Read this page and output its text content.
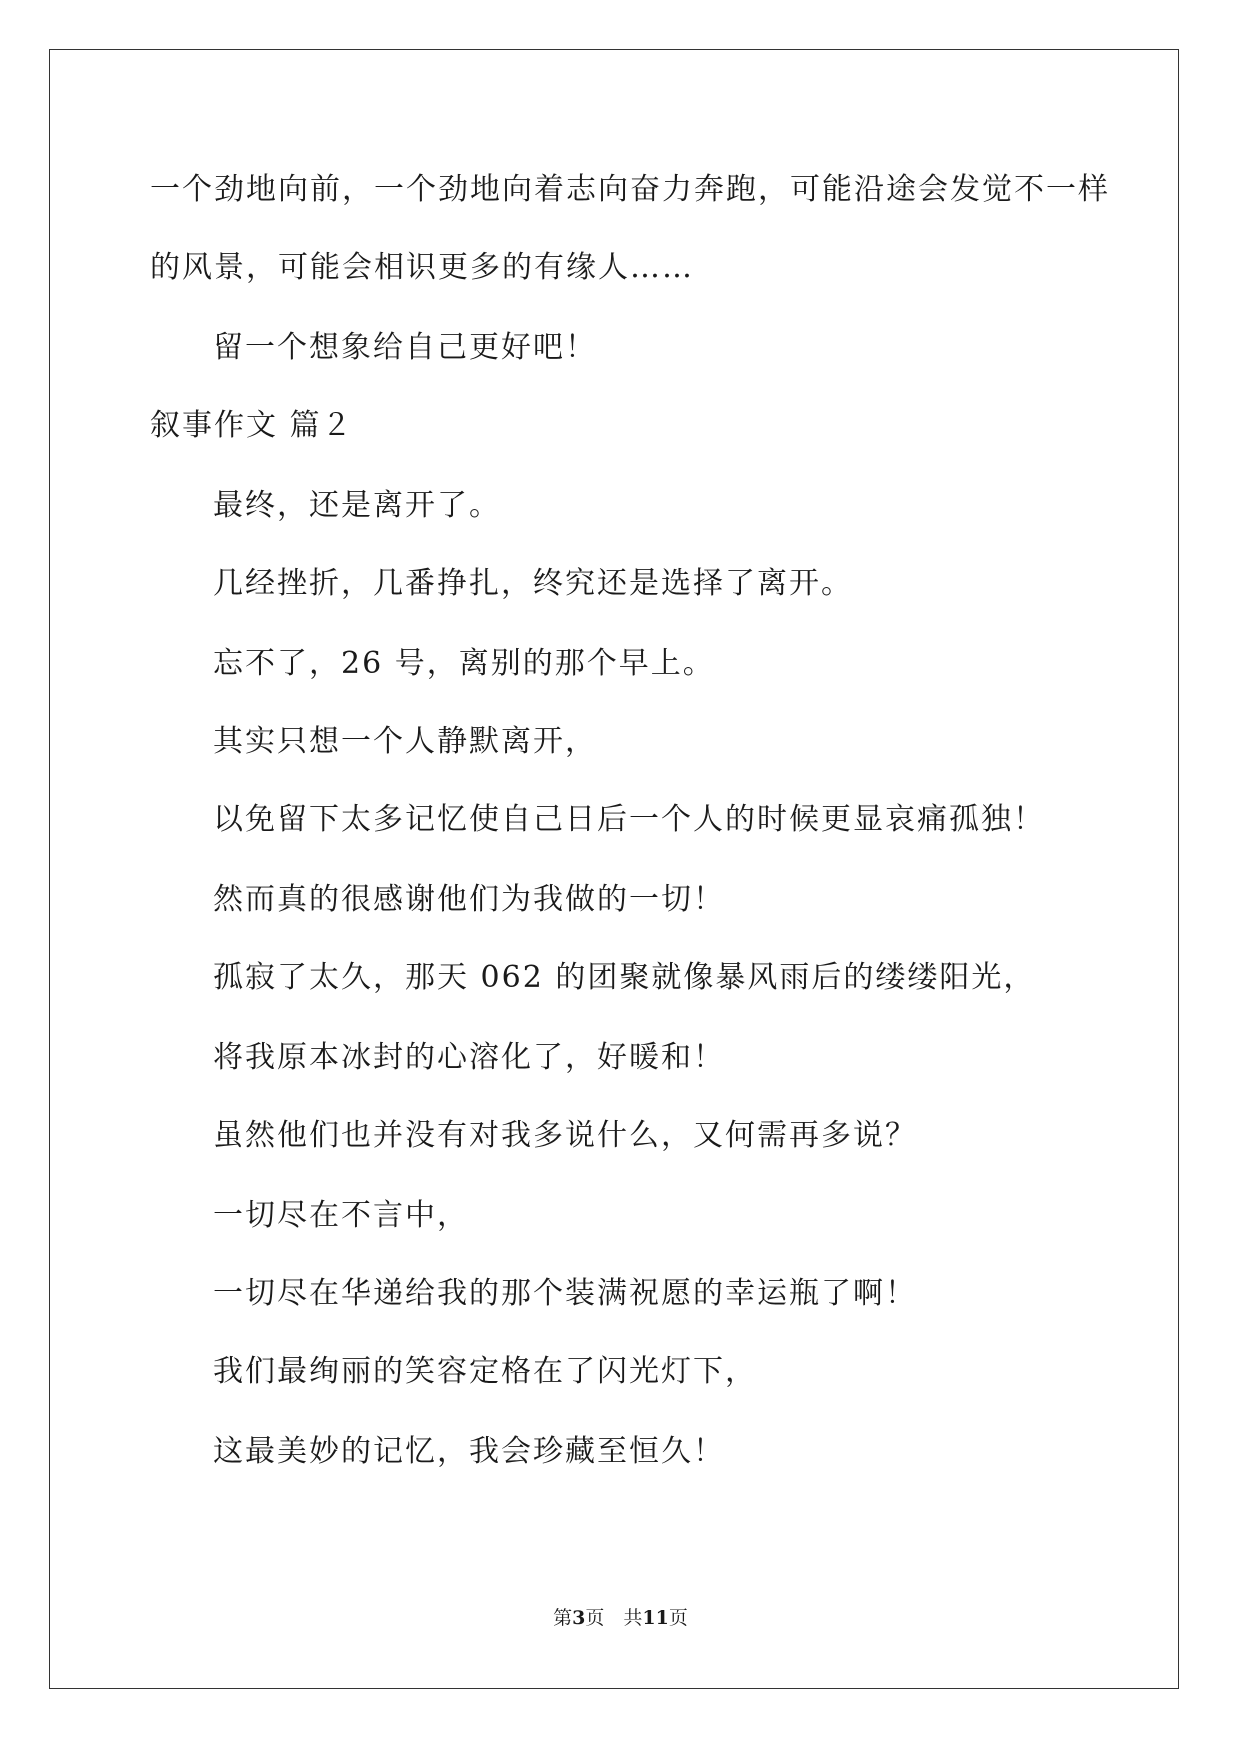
一个劲地向前，一个劲地向着志向奋力奔跑，可能沿途会发觉不一样
的风景，可能会相识更多的有缘人……
留一个想象给自己更好吧！
叙事作文 篇２
最终，还是离开了。
几经挫折，几番挣扎，终究还是选择了离开。
忘不了，26 号，离别的那个早上。
其实只想一个人静默离开，
以免留下太多记忆使自己日后一个人的时候更显哀痛孤独！
然而真的很感谢他们为我做的一切！
孤寂了太久，那天 062 的团聚就像暴风雨后的缕缕阳光，
将我原本冰封的心溶化了，好暖和！
虽然他们也并没有对我多说什么，又何需再多说？
一切尽在不言中，
一切尽在华递给我的那个装满祝愿的幸运瓶了啊！
我们最绚丽的笑容定格在了闪光灯下，
这最美妙的记忆，我会珍藏至恒久！
第3页　共11页
